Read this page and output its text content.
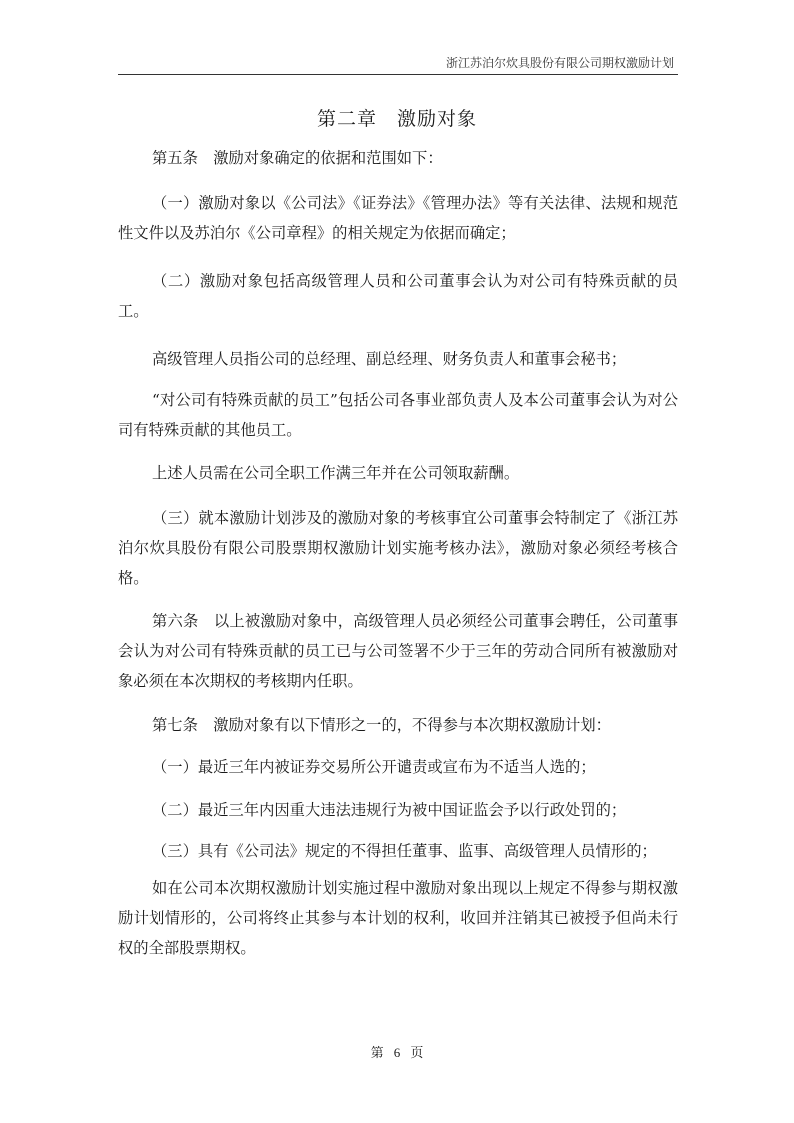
浙江苏泊尔炊具股份有限公司期权激励计划
第二章　激励对象

第五条　激励对象确定的依据和范围如下：

（一）激励对象以《公司法》《证券法》《管理办法》等有关法律、法规和规范性文件以及苏泊尔《公司章程》的相关规定为依据而确定；

（二）激励对象包括高级管理人员和公司董事会认为对公司有特殊贡献的员工。

高级管理人员指公司的总经理、副总经理、财务负责人和董事会秘书；

“对公司有特殊贡献的员工”包括公司各事业部负责人及本公司董事会认为对公司有特殊贡献的其他员工。

上述人员需在公司全职工作满三年并在公司领取薪酬。

（三）就本激励计划涉及的激励对象的考核事宜公司董事会特制定了《浙江苏泊尔炊具股份有限公司股票期权激励计划实施考核办法》，激励对象必须经考核合格。

第六条　以上被激励对象中，高级管理人员必须经公司董事会聘任，公司董事会认为对公司有特殊贡献的员工已与公司签署不少于三年的劳动合同所有被激励对象必须在本次期权的考核期内任职。

第七条　激励对象有以下情形之一的，不得参与本次期权激励计划：

（一）最近三年内被证券交易所公开谴责或宣布为不适当人选的；

（二）最近三年内因重大违法违规行为被中国证监会予以行政处罚的；

（三）具有《公司法》规定的不得担任董事、监事、高级管理人员情形的；

如在公司本次期权激励计划实施过程中激励对象出现以上规定不得参与期权激励计划情形的，公司将终止其参与本计划的权利，收回并注销其已被授予但尚未行权的全部股票期权。

第 6 页
